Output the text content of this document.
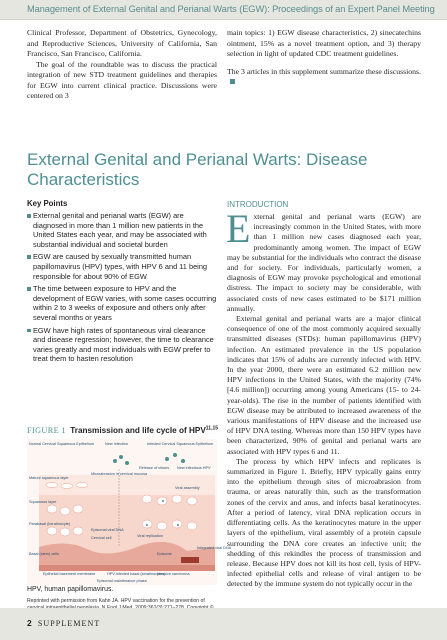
Management of External Genital and Perianal Warts (EGW): Proceedings of an Expert Panel Meeting

Clinical Professor, Department of Obstetrics, Gynecology, and Reproductive Sciences, University of California, San Francisco, San Francisco, California.

The goal of the roundtable was to discuss the practical integration of new STD treatment guidelines and therapies for EGW into current clinical practice. Discussions were centered on 3

main topics: 1) EGW disease characteristics, 2) sinecatechins ointment, 15% as a novel treatment option, and 3) therapy selection in light of updated CDC treatment guidelines.

The 3 articles in this supplement summarize these discussions.

External Genital and Perianal Warts: Disease Characteristics
Key Points
External genital and perianal warts (EGW) are diagnosed in more than 1 million new patients in the United States each year, and may be associated with substantial individual and societal burden
EGW are caused by sexually transmitted human papillomavirus (HPV) types, with HPV 6 and 11 being responsible for about 90% of EGW
The time between exposure to HPV and the development of EGW varies, with some cases occurring within 2 to 3 weeks of exposure and others only after several months or years
EGW have high rates of spontaneous viral clearance and disease regression; however, the time to clearance varies greatly and most individuals with EGW prefer to treat them to hasten resolution
FIGURE 1 Transmission and life cycle of HPV$^{11,15}$
Normal Cervical Squamous Epithelium	New Infection	Infected Cervical Squamous Epithelium
Mature squamous layer
Squamous layer
Parabasal (keratinocyte)
Basal (stem) cells
Microabrasion in cervical mucosa
Episomal viral DNA
Cervical cell
Epithelial basement membrane
Release of virions New infectious HPV
Viral assembly
Viral replication
Episome
Integrated viral DNA
HPV-infected basal (keratinocytes)
Invasive carcinoma
Episomal maintenance phase
HPV, human papillomavirus.
Reprinted with permission from Kahn JA. HPV vaccination for the prevention of
INTRODUCTION

External genital and perianal warts (EGW) are increasingly common in the United States, with more than 1 million new cases diagnosed each year, predominantly among women. The impact of EGW may be substantial for the individuals who contract the disease and for society. For individuals, particularly women, a diagnosis of EGW may provoke psychological and emotional distress. The impact to society may be considerable, with associated costs of new cases estimated to be $171 million annually.

External genital and perianal warts are a major clinical consequence of one of the most commonly acquired sexually transmitted diseases (STDs): human papillomavirus (HPV) infection. An estimated prevalence in the US population indicates that 15% of adults are currently infected with HPV. In the year 2000, there were an estimated 6.2 million new HPV infections in the United States, with the majority (74% [4.6 million]) occurring among young Americans (15- to 24-year-olds). The rise in the number of patients identified with EGW disease may be attributed to increased awareness of the various manifestations of HPV disease and the increased use of HPV DNA testing. Whereas more than 150 HPV types have been characterized, 90% of genital and perianal warts are associated with HPV types 6 and 11.

The process by which HPV infects and replicates is summarized in Figure 1. Briefly, HPV typically gains entry into the epithelium through sites of microabrasion from trauma, or areas naturally thin, such as the transformation zones of the cervix and anus, and infects basal keratinocytes. After a period of latency, viral DNA replication occurs in differentiating cells. As the keratinocytes mature in the upper layers of the epithelium, viral assembly of a protein capsule surrounding the DNA core creates an infective unit; the shedding of this rekindles the process of transmission and release. Because HPV does not kill its host cell, lysis of HPV-infected epithelial cells and release of viral antigen to be detected by the immune system do not typically occur in the

2 SUPPLEMENT
